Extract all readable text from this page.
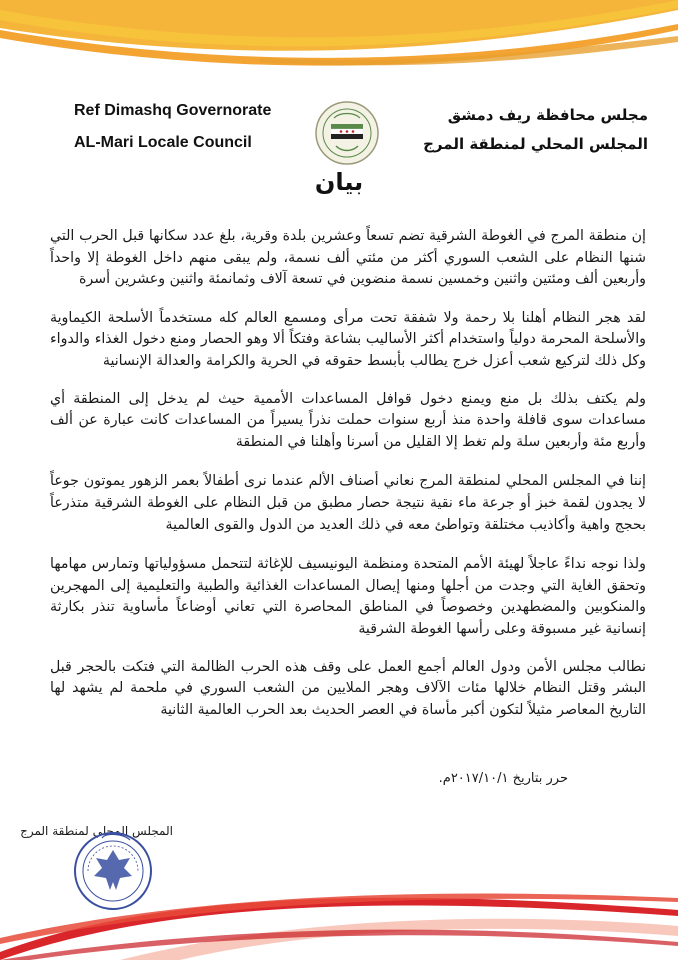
Ref Dimashq Governorate
AL-Mari Locale Council
مجلس محافظة ريف دمشق
المجلس المحلي لمنطقة المرج
بيان

إن منطقة المرج في الغوطة الشرقية تضم تسعاً وعشرين بلدة وقرية، بلغ عدد سكانها قبل الحرب التي شنها النظام على الشعب السوري أكثر من مئتي ألف نسمة، ولم يبقى منهم داخل الغوطة إلا واحداً وأربعين ألف ومئتين واثنين وخمسين نسمة منضوين في تسعة آلاف وثمانمئة واثنين وعشرين أسرة

لقد هجر النظام أهلنا بلا رحمة ولا شفقة تحت مرأى ومسمع العالم كله مستخدماً الأسلحة الكيماوية والأسلحة المحرمة دولياً واستخدام أكثر الأساليب بشاعة وفتكاً ألا وهو الحصار ومنع دخول الغذاء والدواء وكل ذلك لتركيع شعب أعزل خرج يطالب بأبسط حقوقه في الحرية والكرامة والعدالة الإنسانية

ولم يكتف بذلك بل منع ويمنع دخول قوافل المساعدات الأممية حيث لم يدخل إلى المنطقة أي مساعدات سوى قافلة واحدة منذ أربع سنوات حملت نذراً يسيراً من المساعدات كانت عبارة عن ألف وأربع مئة وأربعين سلة ولم تغط إلا القليل من أسرنا وأهلنا في المنطقة

إننا في المجلس المحلي لمنطقة المرج نعاني أصناف الألم عندما نرى أطفالاً بعمر الزهور يموتون جوعاً لا يجدون لقمة خبز أو جرعة ماء نقية نتيجة حصار مطبق من قبل النظام على الغوطة الشرقية متذرعاً بحجج واهية وأكاذيب مختلقة وتواطئ معه في ذلك العديد من الدول والقوى العالمية

ولذا نوجه نداءً عاجلاً لهيئة الأمم المتحدة ومنظمة اليونيسيف للإغاثة لتتحمل مسؤولياتها وتمارس مهامها وتحقق الغاية التي وجدت من أجلها ومنها إيصال المساعدات الغذائية والطبية والتعليمية إلى المهجرين والمنكوبين والمضطهدين وخصوصاً في المناطق المحاصرة التي تعاني أوضاعاً مأساوية تنذر بكارثة إنسانية غير مسبوقة وعلى رأسها الغوطة الشرقية

نطالب مجلس الأمن ودول العالم أجمع العمل على وقف هذه الحرب الظالمة التي فتكت بالحجر قبل البشر وقتل النظام خلالها مئات الآلاف وهجر الملايين من الشعب السوري في ملحمة لم يشهد لها التاريخ المعاصر مثيلاً لتكون أكبر مأساة في العصر الحديث بعد الحرب العالمية الثانية

حرر بتاريخ ٢٠١٧/١٠/١م.
المجلس المحلي لمنطقة المرج
